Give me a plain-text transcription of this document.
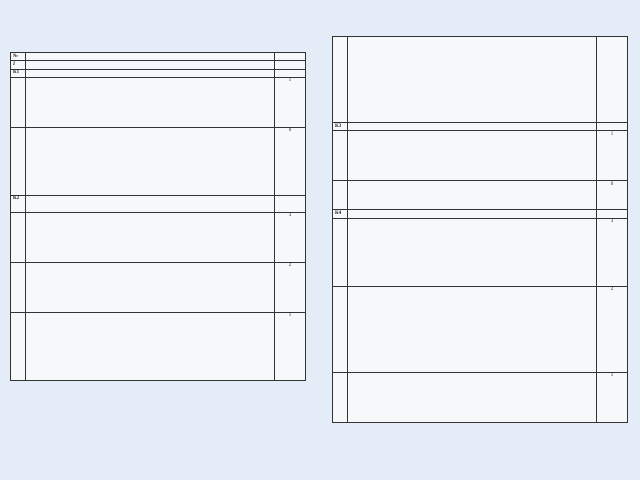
№		
I		
К1		
		1
		0
К2		
		3
		2
		1

К3		
		1
		0
К4		
		3
		2
		1
